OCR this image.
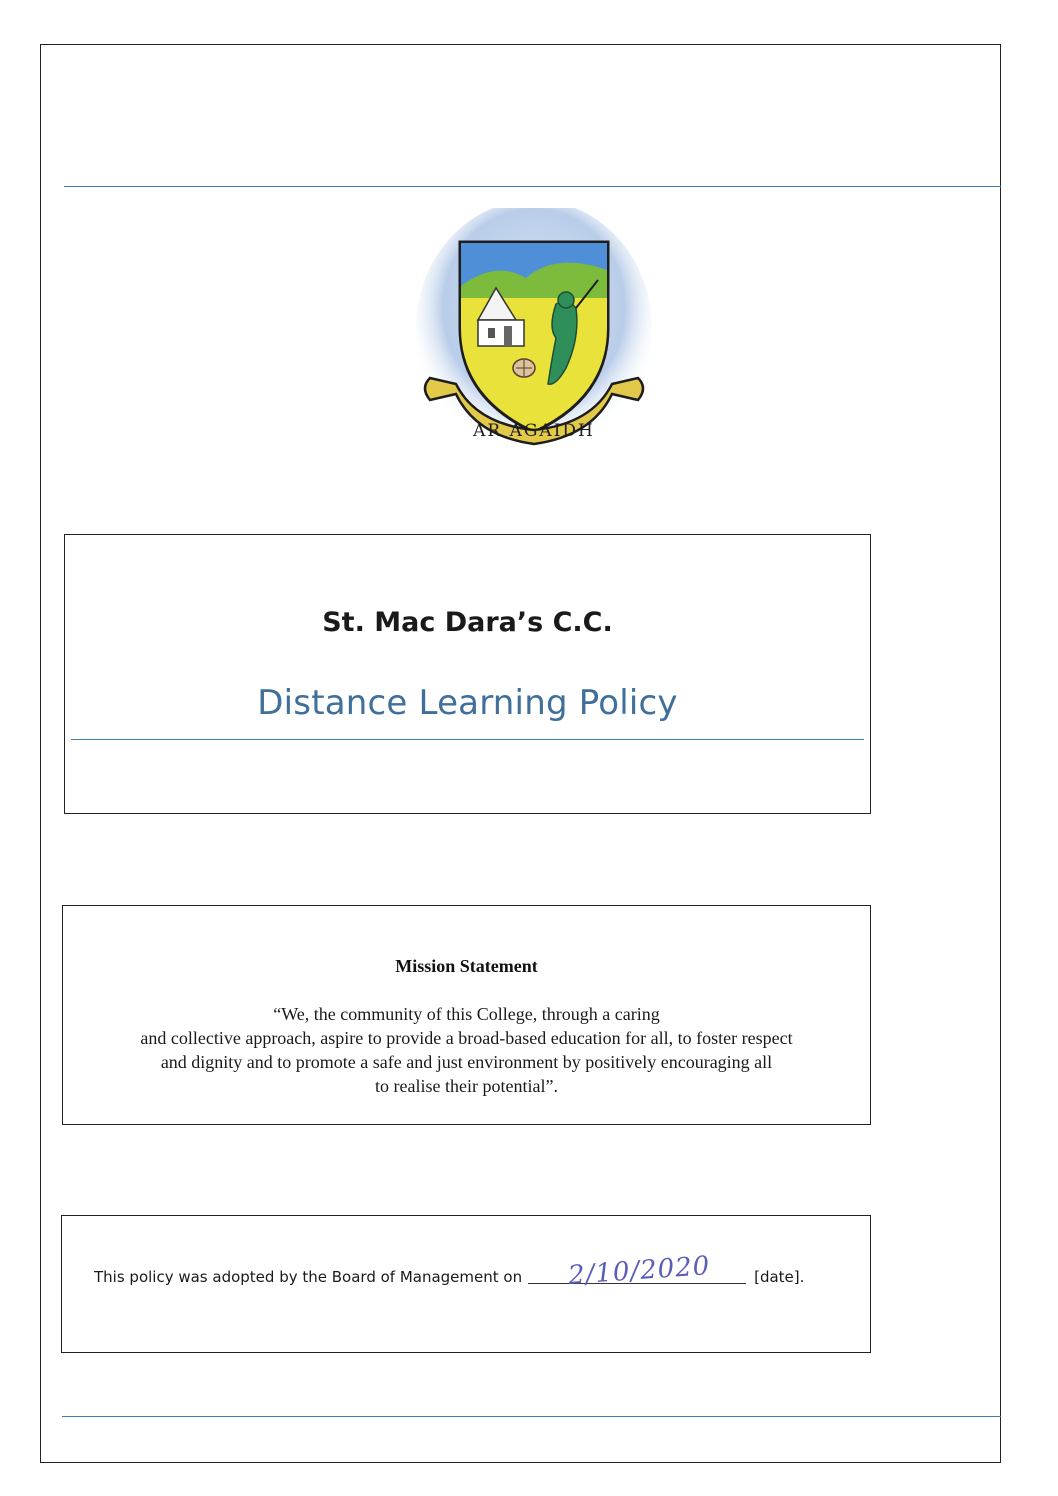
AR AGAIDH
St. Mac Dara’s C.C.
Distance Learning Policy
Mission Statement
“We, the community of this College, through a caring
and collective approach, aspire to provide a broad-based education for all, to foster respect
and dignity and to promote a safe and just environment by positively encouraging all
to realise their potential”.
This policy was adopted by the Board of Management on 2/10/2020	[date].
